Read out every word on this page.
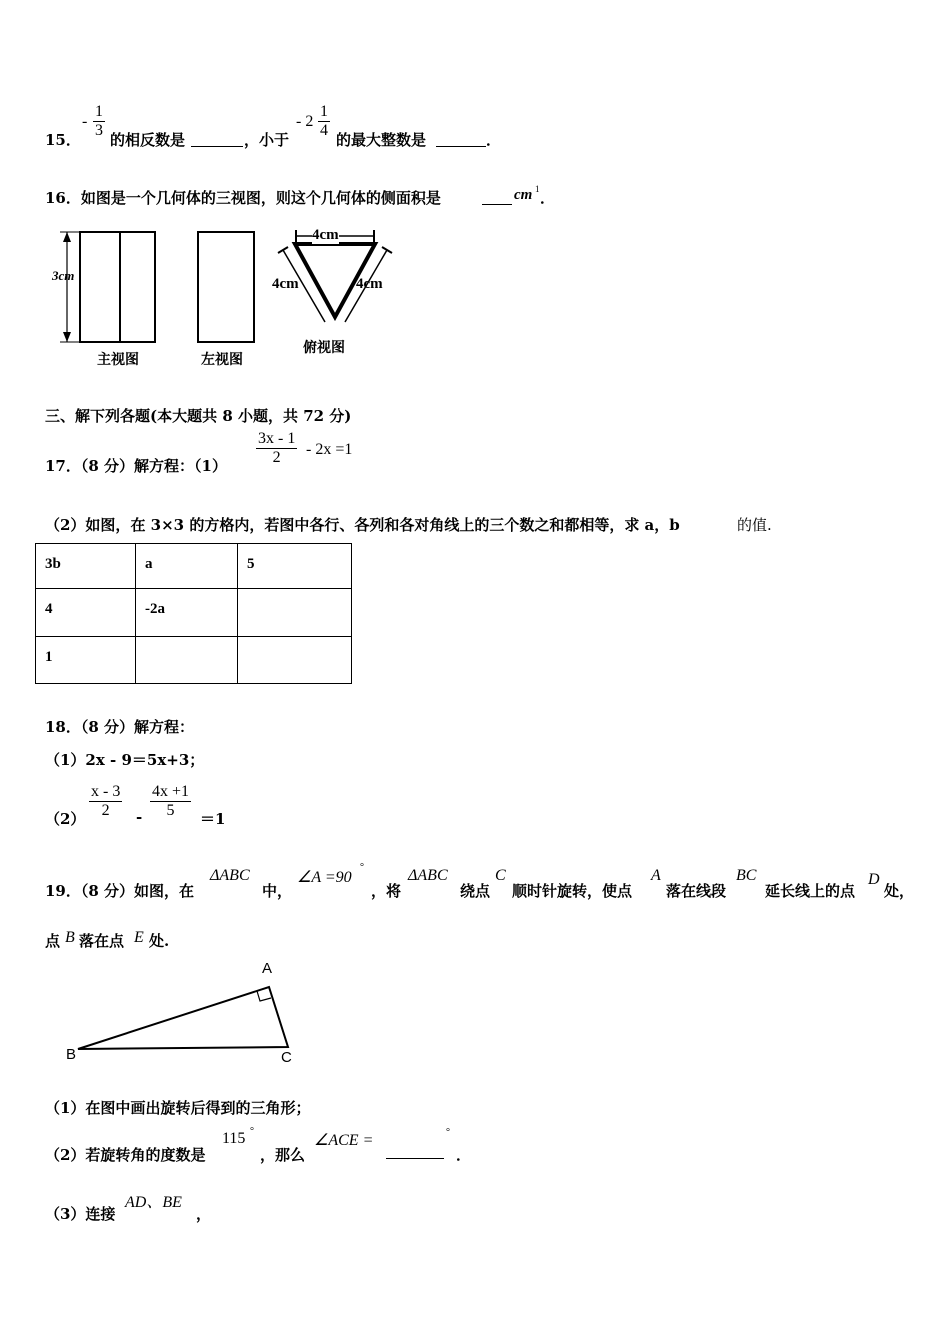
15．
- $\frac{1}{3}$ 的相反数是	，小于
- $2 \frac{1}{4}$ 的最大整数是	．
16．如图是一个几何体的三视图，则这个几何体的侧面积是	cm 1 ．
3cm
4cm
4cm	4cm
主视图	左视图
俯视图
三、解下列各题(本大题共 8 小题，共 72 分)
17．（8 分）解方程：$(1) \frac{3x - 1}{2} - 2x =1$
（2）如图，在 3×3 的方格内，若图中各行、各列和各对角线上的三个数之和都相等，求 a，b	的值.
3b	a	5
4	-2a	
1		
18．（8 分）解方程：
（1）2x - 9＝5x+3；
$(2) \frac{x - 3}{2} - \frac{4x +1}{5} =1$
19．（8 分）如图，在
ΔABC
中，
∠A =90
°
，将
ΔABC
绕点
C
顺时针旋转，使点
A
落在线段
BC
延长线上的点
D
处，
点 B 落在点 E 处.
A
B	C
（1）在图中画出旋转后得到的三角形；
（2）若旋转角的度数是
115 °
，那么
∠ACE =	°
．
（3）连接
AD、BE
，
